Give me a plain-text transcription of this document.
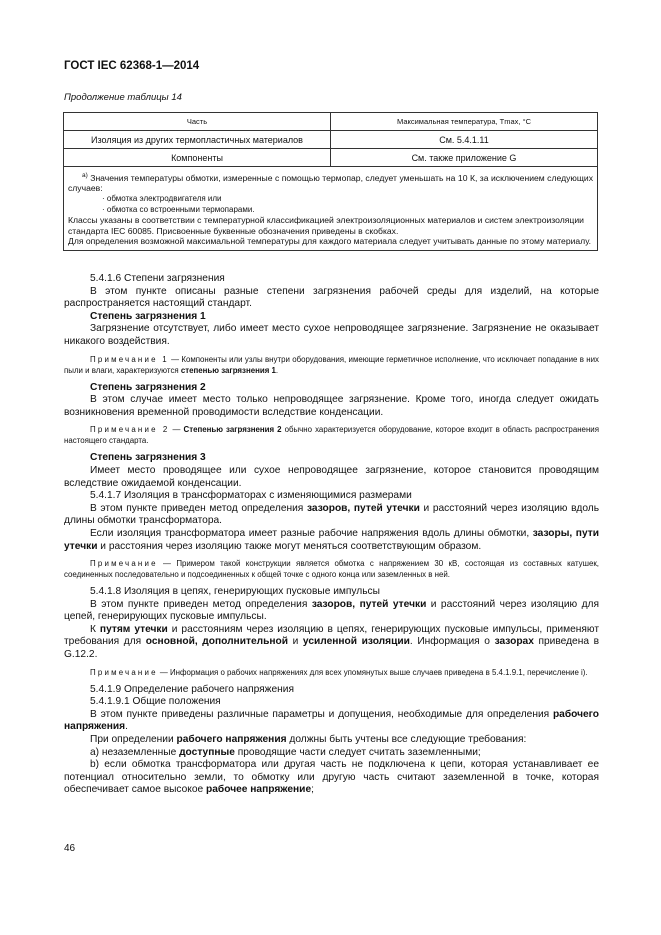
ГОСТ IEC 62368-1—2014
Продолжение таблицы 14
Часть	Максимальная температура, Tmax, °C
Изоляция из других термопластичных материалов	См. 5.4.1.11
Компоненты	См. также приложение G

$^{a)}$ Значения температуры обмотки, измеренные с помощью термопар, следует уменьшать на 10 К, за исключением следующих случаев:
· обмотка электродвигателя или
· обмотка со встроенными термопарами.
Классы указаны в соответствии с температурной классификацией электроизоляционных материалов и систем электроизоляции стандарта IEC 60085. Присвоенные буквенные обозначения приведены в скобках.
Для определения возможной максимальной температуры для каждого материала следует учитывать данные по этому материалу.	

5.4.1.6 Степени загрязнения

В этом пункте описаны разные степени загрязнения рабочей среды для изделий, на которые распространяется настоящий стандарт.

Степень загрязнения 1

Загрязнение отсутствует, либо имеет место сухое непроводящее загрязнение. Загрязнение не оказывает никакого воздействия.

Примечание 1 — Компоненты или узлы внутри оборудования, имеющие герметичное исполнение, что исключает попадание в них пыли и влаги, характеризуются степенью загрязнения 1.

Степень загрязнения 2

В этом случае имеет место только непроводящее загрязнение. Кроме того, иногда следует ожидать возникновения временной проводимости вследствие конденсации.

Примечание 2 — Степенью загрязнения 2 обычно характеризуется оборудование, которое входит в область распространения настоящего стандарта.

Степень загрязнения 3

Имеет место проводящее или сухое непроводящее загрязнение, которое становится проводящим вследствие ожидаемой конденсации.

5.4.1.7 Изоляция в трансформаторах с изменяющимися размерами

В этом пункте приведен метод определения зазоров, путей утечки и расстояний через изоляцию вдоль длины обмотки трансформатора.

Если изоляция трансформатора имеет разные рабочие напряжения вдоль длины обмотки, зазоры, пути утечки и расстояния через изоляцию также могут меняться соответствующим образом.

Примечание — Примером такой конструкции является обмотка с напряжением 30 кВ, состоящая из составных катушек, соединенных последовательно и подсоединенных к общей точке с одного конца или заземленных в ней.

5.4.1.8 Изоляция в цепях, генерирующих пусковые импульсы

В этом пункте приведен метод определения зазоров, путей утечки и расстояний через изоляцию для цепей, генерирующих пусковые импульсы.

К путям утечки и расстояниям через изоляцию в цепях, генерирующих пусковые импульсы, применяют требования для основной, дополнительной и усиленной изоляции. Информация о зазорах приведена в G.12.2.

Примечание — Информация о рабочих напряжениях для всех упомянутых выше случаев приведена в 5.4.1.9.1, перечисление i).

5.4.1.9 Определение рабочего напряжения

5.4.1.9.1 Общие положения

В этом пункте приведены различные параметры и допущения, необходимые для определения рабочего напряжения.

При определении рабочего напряжения должны быть учтены все следующие требования:

а) незаземленные доступные проводящие части следует считать заземленными;

b) если обмотка трансформатора или другая часть не подключена к цепи, которая устанавливает ее потенциал относительно земли, то обмотку или другую часть считают заземленной в точке, которая обеспечивает самое высокое рабочее напряжение;

46
